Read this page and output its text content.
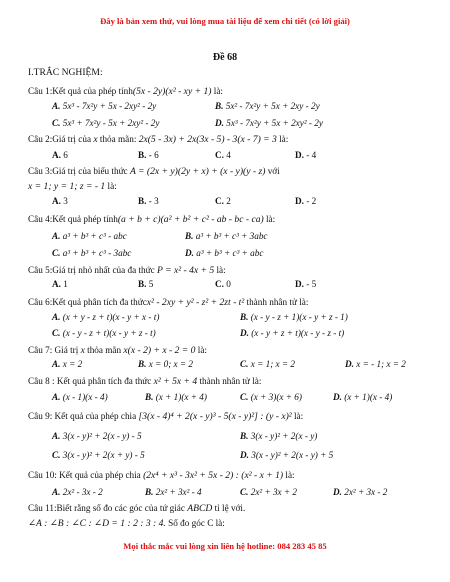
Đây là bản xem thử, vui lòng mua tài liệu để xem chi tiết (có lời giải)
Đề 68
I.TRẮC NGHIỆM:
Câu 1:Kết quả của phép tính(5x - 2y)(x² - xy + 1) là:
A. 5x³ - 7x²y + 5x - 2xy² - 2y	B. 5x² - 7x²y + 5x + 2xy - 2y
C. 5x³ + 7x²y - 5x + 2xy² - 2y	D. 5x³ - 7x²y + 5x + 2xy² - 2y
Câu 2:Giá trị của x thỏa mãn: 2x(5 - 3x) + 2x(3x - 5) - 3(x - 7) = 3 là:
A. 6	B. - 6	C. 4	D. - 4
Câu 3:Giá trị của biểu thức A = (2x + y)(2y + x) + (x - y)(y - z) với
x = 1; y = 1; z = - 1 là:
A. 3	B. - 3	C. 2	D. - 2
Câu 4:Kết quả phép tính(a + b + c)(a² + b² + c² - ab - bc - ca) là:
A. a³ + b³ + c³ - abc	B. a³ + b³ + c³ + 3abc
C. a³ + b³ + c³ - 3abc	D. a³ + b³ + c³ + abc
Câu 5:Giá trị nhỏ nhất của đa thức P = x² - 4x + 5 là:
A. 1	B. 5	C. 0	D. - 5
Câu 6:Kết quả phân tích đa thứcx² - 2xy + y² - z² + 2zt - t² thành nhân tử là:
A. (x + y - z + t)(x - y + x - t)	B. (x - y - z + 1)(x - y + z - 1)
C. (x - y - z + t)(x - y + z - t)	D. (x - y + z + t)(x - y - z - t)
Câu 7: Giá trị x thỏa mãn x(x - 2) + x - 2 = 0 là:
A. x = 2	B. x = 0; x = 2	C. x = 1; x = 2	D. x = - 1; x = 2
Câu 8 : Kết quả phân tích đa thức x² + 5x + 4 thành nhân tử là:
A. (x - 1)(x - 4)	B. (x + 1)(x + 4)	C. (x + 3)(x + 6)	D. (x + 1)(x - 4)
Câu 9: Kết quả của phép chia [3(x - 4)⁴ + 2(x - y)³ - 5(x - y)²] : (y - x)² là:
A. 3(x - y)² + 2(x - y) - 5	B. 3(x - y)² + 2(x - y)
C. 3(x - y)² + 2(x + y) - 5	D. 3(x - y)² + 2(x - y) + 5
Câu 10: Kết quả của phép chia (2x⁴ + x³ - 3x² + 5x - 2) : (x² - x + 1) là:
A. 2x² - 3x - 2	B. 2x² + 3x² - 4	C. 2x² + 3x + 2	D. 2x² + 3x - 2
Câu 11:Biết rằng số đo các góc của tứ giác ABCD tỉ lệ với.
∠A : ∠B : ∠C : ∠D = 1 : 2 : 3 : 4. Số đo góc C là:
Mọi thắc mắc vui lòng xin liên hệ hotline: 084 283 45 85
